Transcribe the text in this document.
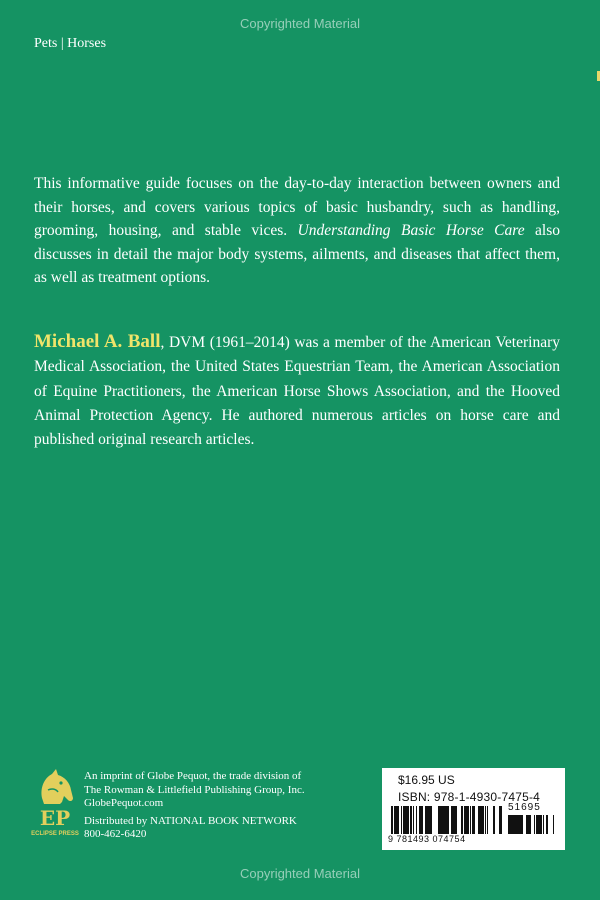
Copyrighted Material
Pets | Horses

This informative guide focuses on the day-to-day interaction between owners and their horses, and covers various topics of basic husbandry, such as handling, grooming, housing, and stable vices. Understanding Basic Horse Care also discusses in detail the major body systems, ailments, and diseases that affect them, as well as treatment options.

Michael A. Ball, DVM (1961–2014) was a member of the American Veterinary Medical Association, the United States Equestrian Team, the American Association of Equine Practitioners, the American Horse Shows Association, and the Hooved Animal Protection Agency. He authored numerous articles on horse care and published original research articles.

EP
ECLIPSE PRESS
An imprint of Globe Pequot, the trade division of
The Rowman & Littlefield Publishing Group, Inc.
GlobePequot.com
Distributed by NATIONAL BOOK NETWORK
800-462-6420
$16.95 US
ISBN: 978-1-4930-7475-4
51695
9 781493 074754
Copyrighted Material
